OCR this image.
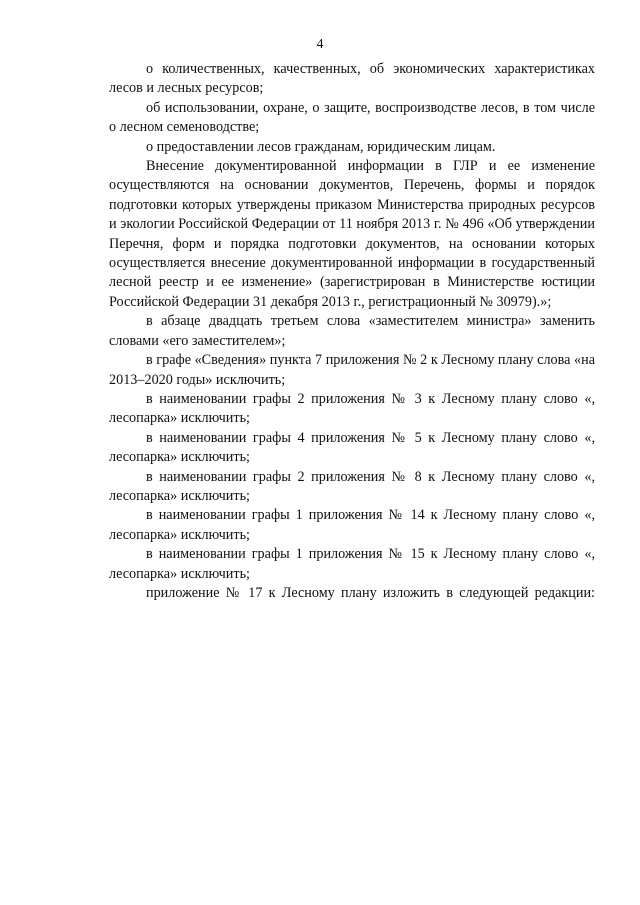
4

о количественных, качественных, об экономических характеристиках лесов и лесных ресурсов;

об использовании, охране, о защите, воспроизводстве лесов, в том числе о лесном семеноводстве;

о предоставлении лесов гражданам, юридическим лицам.

Внесение документированной информации в ГЛР и ее изменение осуществляются на основании документов, Перечень, формы и порядок подготовки которых утверждены приказом Министерства природных ресурсов и экологии Российской Федерации от 11 ноября 2013 г. № 496 «Об утверждении Перечня, форм и порядка подготовки документов, на основании которых осуществляется внесение документированной информации в государственный лесной реестр и ее изменение» (зарегистрирован в Министерстве юстиции Российской Федерации 31 декабря 2013 г., регистрационный № 30979).»;

в абзаце двадцать третьем слова «заместителем министра» заменить словами «его заместителем»;

в графе «Сведения» пункта 7 приложения № 2 к Лесному плану слова «на 2013–2020 годы» исключить;

в наименовании графы 2 приложения № 3 к Лесному плану слово «, лесопарка» исключить;

в наименовании графы 4 приложения № 5 к Лесному плану слово «, лесопарка» исключить;

в наименовании графы 2 приложения № 8 к Лесному плану слово «, лесопарка» исключить;

в наименовании графы 1 приложения № 14 к Лесному плану слово «, лесопарка» исключить;

в наименовании графы 1 приложения № 15 к Лесному плану слово «, лесопарка» исключить;

приложение № 17 к Лесному плану изложить в следующей редакции:
